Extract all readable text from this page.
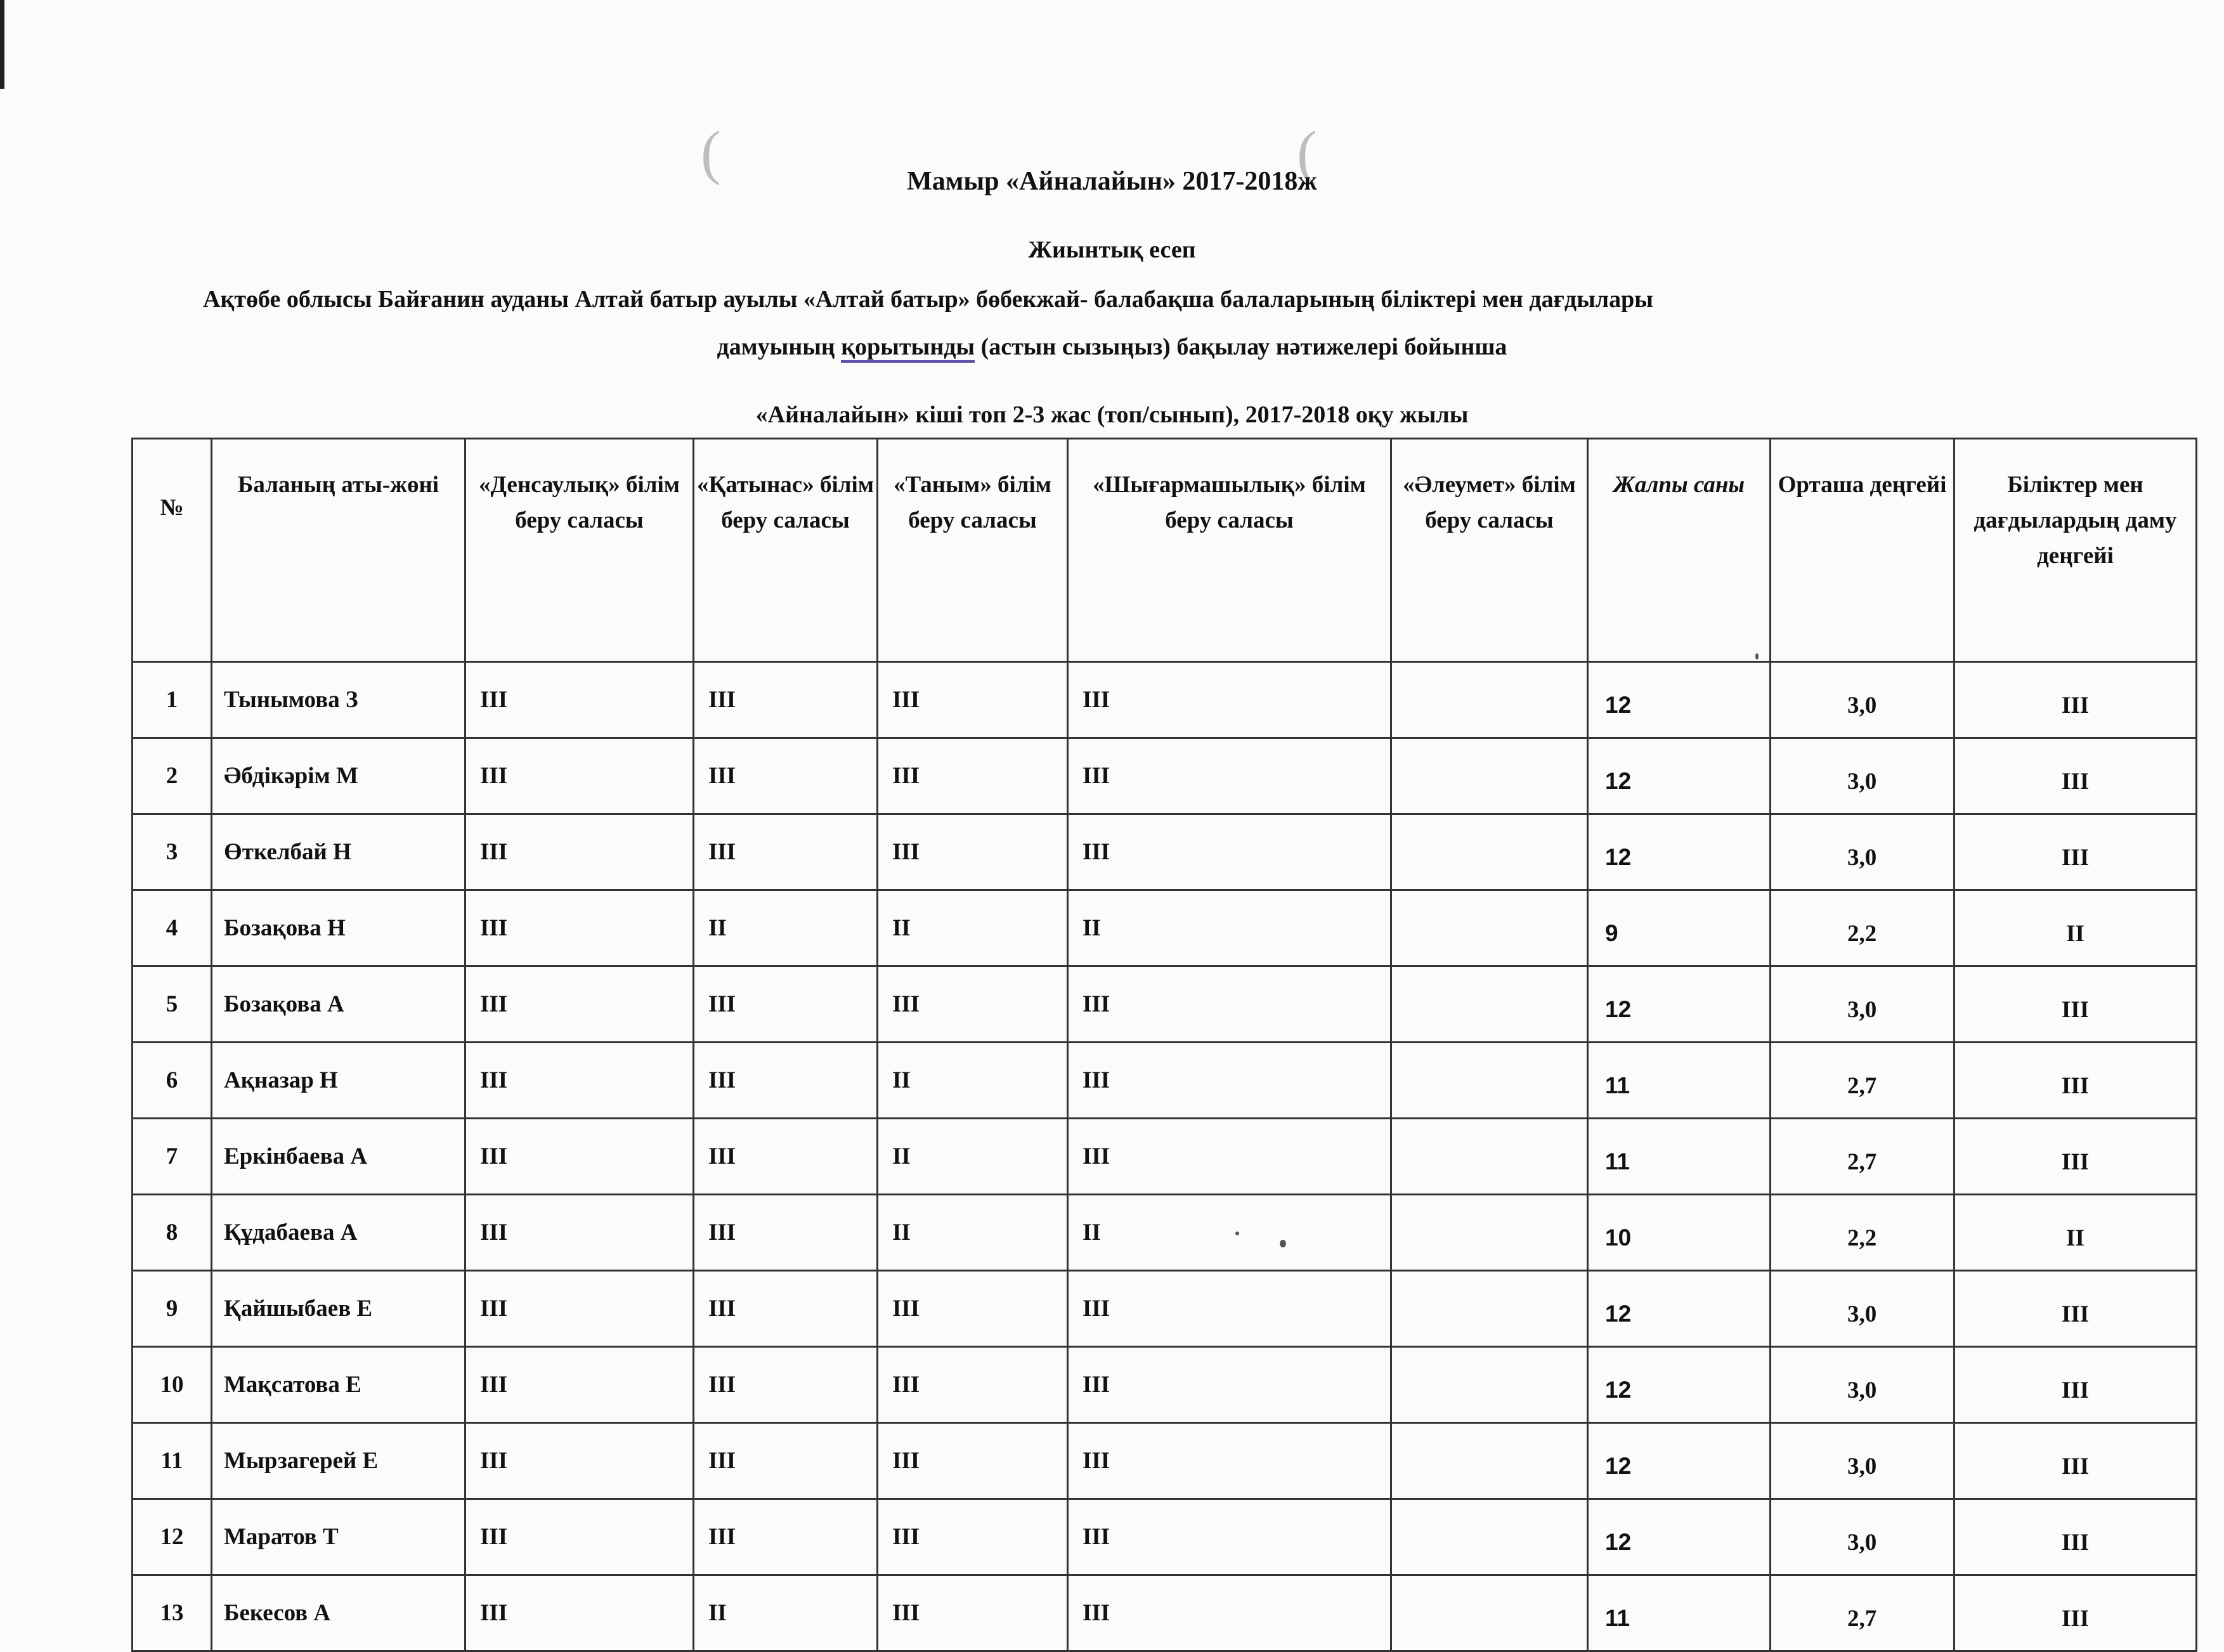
(	(
Мамыр «Айналайын» 2017-2018ж
Жиынтық есеп
Ақтөбе облысы Байғанин ауданы Алтай батыр ауылы «Алтай батыр» бөбекжай- балабақша балаларының біліктері мен дағдылары
дамуының қорытынды (астын сызыңыз) бақылау нәтижелері бойынша
«Айналайын» кіші топ 2-3 жас (топ/сынып), 2017-2018 оқу жылы
№	Баланың аты-жөні	«Денсаулық» білім беру саласы	«Қатынас» білім беру саласы	«Таным» білім беру саласы	«Шығармашылық» білім беру саласы	«Әлеумет» білім беру саласы	Жалпы саны	Орташа деңгейі	Біліктер мен дағдылардың даму деңгейі
1	Тынымова З	III	III	III	III		12	3,0	III
2	Әбдікәрім М	III	III	III	III		12	3,0	III
3	Өткелбай Н	III	III	III	III		12	3,0	III
4	Бозақова Н	III	II	II	II		9	2,2	II
5	Бозақова А	III	III	III	III		12	3,0	III
6	Ақназар Н	III	III	II	III		11	2,7	III
7	Еркінбаева А	III	III	II	III		11	2,7	III
8	Құдабаева А	III	III	II	II		10	2,2	II
9	Қайшыбаев Е	III	III	III	III		12	3,0	III
10	Мақсатова Е	III	III	III	III		12	3,0	III
11	Мырзагерей Е	III	III	III	III		12	3,0	III
12	Маратов Т	III	III	III	III		12	3,0	III
13	Бекесов А	III	II	III	III		11	2,7	III
